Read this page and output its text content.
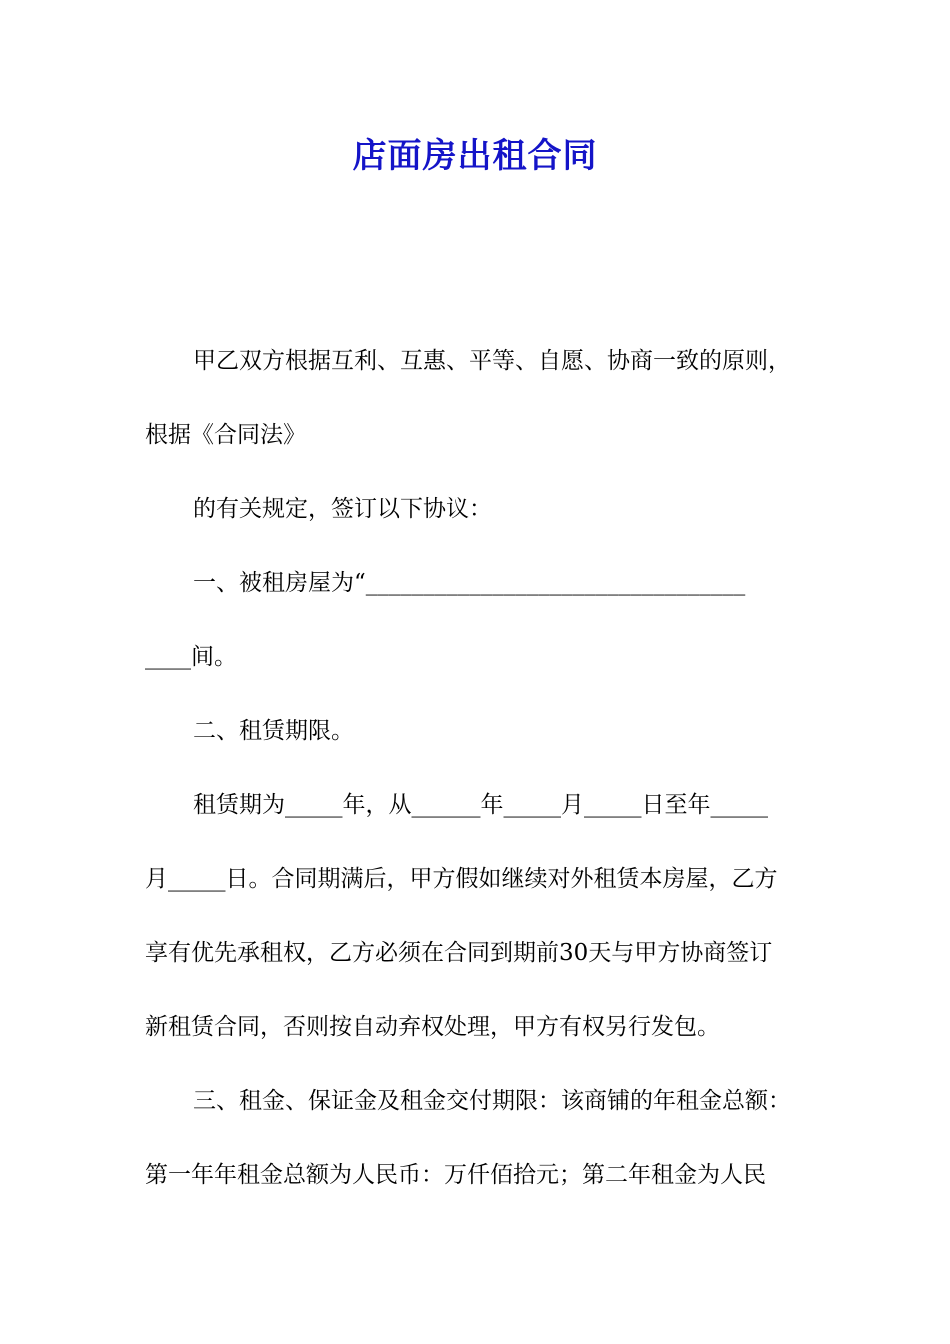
店面房出租合同
甲乙双方根据互利、互惠、平等、自愿、协商一致的原则，
根据《合同法》
的有关规定，签订以下协议：
一、被租房屋为“_________________________________
____间。
二、租赁期限。
租赁期为_____年，从______年_____月_____日至年_____
月_____日。合同期满后，甲方假如继续对外租赁本房屋，乙方
享有优先承租权，乙方必须在合同到期前30天与甲方协商签订
新租赁合同，否则按自动弃权处理，甲方有权另行发包。
三、租金、保证金及租金交付期限：该商铺的年租金总额：
第一年年租金总额为人民币：万仟佰拾元；第二年租金为人民
